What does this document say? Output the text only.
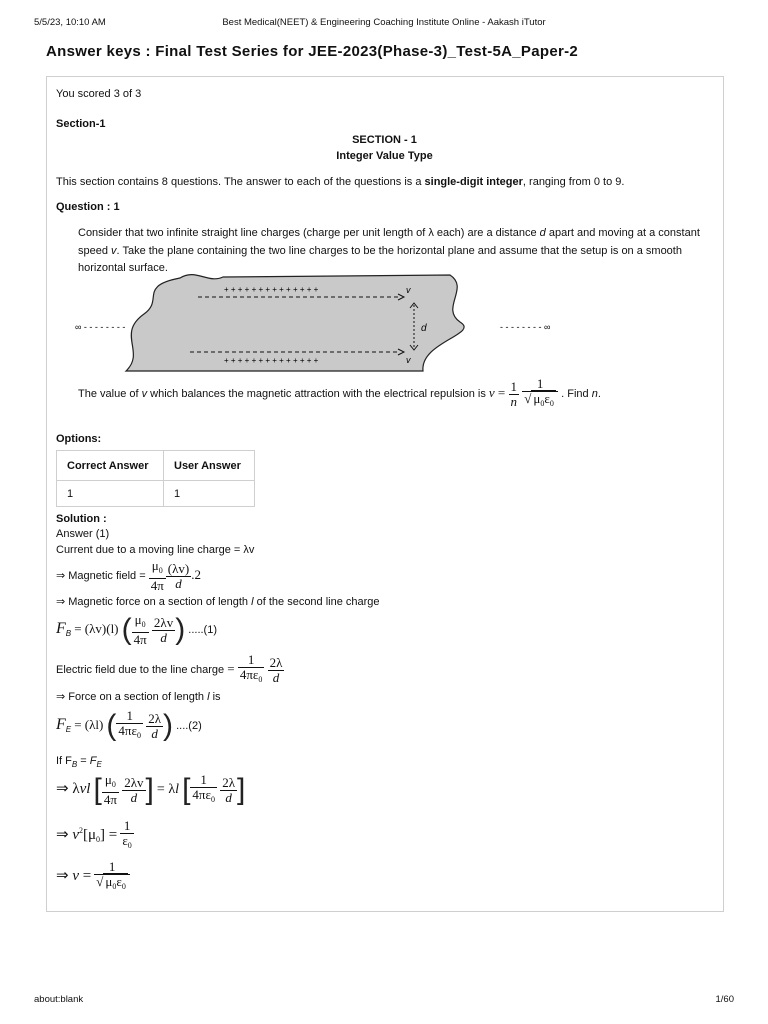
5/5/23, 10:10 AM	Best Medical(NEET) & Engineering Coaching Institute Online - Aakash iTutor
Answer keys : Final Test Series for JEE-2023(Phase-3)_Test-5A_Paper-2
You scored 3 of 3
Section-1
SECTION - 1
Integer Value Type
This section contains 8 questions. The answer to each of the questions is a single-digit integer, ranging from 0 to 9.
Question : 1
Consider that two infinite straight line charges (charge per unit length of λ each) are a distance d apart and moving at a constant speed v. Take the plane containing the two line charges to be the horizontal plane and assume that the setup is on a smooth horizontal surface.
+ + + + + + + + + + + + + +
+ + + + + + + + + + + + + +
v
v
d
∞ - - - - - - - -	- - - - - - - - ∞
The value of v which balances the magnetic attraction with the electrical repulsion is $v = \frac{1}{n}$
$\frac{1}{√ \mu_0\varepsilon_0}$ . Find n.
Options:
Correct Answer	User Answer
1	1
Solution :
Answer (1)
Current due to a moving line charge = λv
⇒ Magnetic field = $\frac{\mu_0}{4\pi} \frac{(\lambda v)}{d} .2$
⇒ Magnetic force on a section of length l of the second line charge
$F_B = (\lambda v)(l)$ ( $\frac{\mu_0}{4\pi}$
$\frac{2\lambda v}{d}$ ) .....(1)
Electric field due to the line charge = $\frac{1}{4\pi\varepsilon_0}$
$\frac{2\lambda}{d}$
⇒ Force on a section of length l is
$F_E = (\lambda l)$ ( $\frac{1}{4\pi\varepsilon_0}$
$\frac{2\lambda}{d}$ ) ....(2)
If $F_B = F_E$
⇒ λvl [ $\frac{\mu_0}{4\pi}$
$\frac{2\lambda v}{d}$ ] = λl [ $\frac{1}{4\pi\varepsilon_0}$
$\frac{2\lambda}{d}$ ]
⇒ $v^2[\mu_0] = \frac{1}{\varepsilon_0}$
⇒ $v = \frac{1}{√ \mu_0\varepsilon_0}$
about:blank	1/60
